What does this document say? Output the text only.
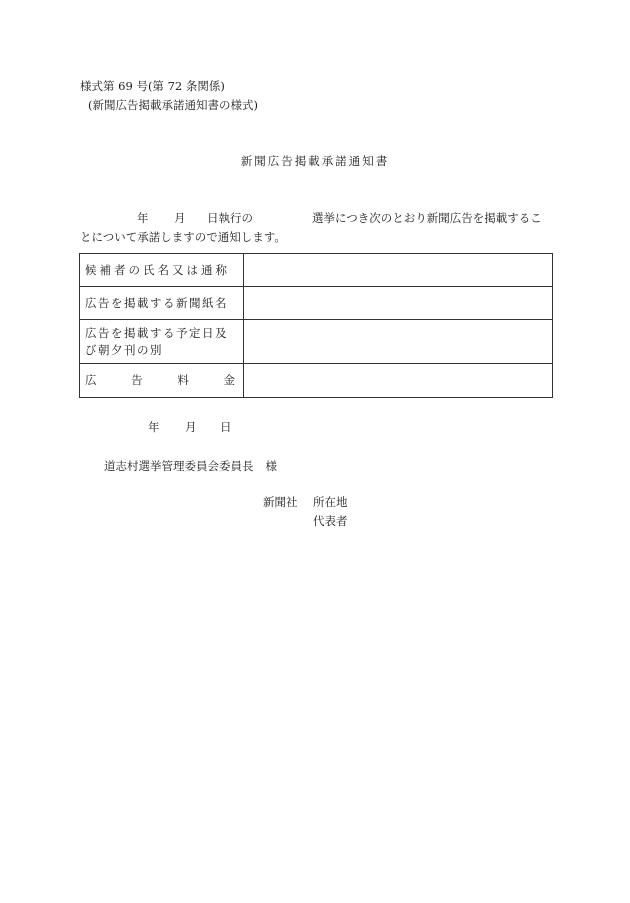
様式第 69 号(第 72 条関係)
(新聞広告掲載承諾通知書の様式)
新聞広告掲載承諾通知書
年 月 日執行の	選挙につき次のとおり新聞広告を掲載するこ
とについて承諾しますので通知します。
候補者の氏名又は通称	
広告を掲載する新聞紙名	

広告を掲載する予定日及
び朝夕刊の別	

広 告 料 金	

年 月 日
道志村選挙管理委員会委員長 様
新聞社 所在地
代表者
